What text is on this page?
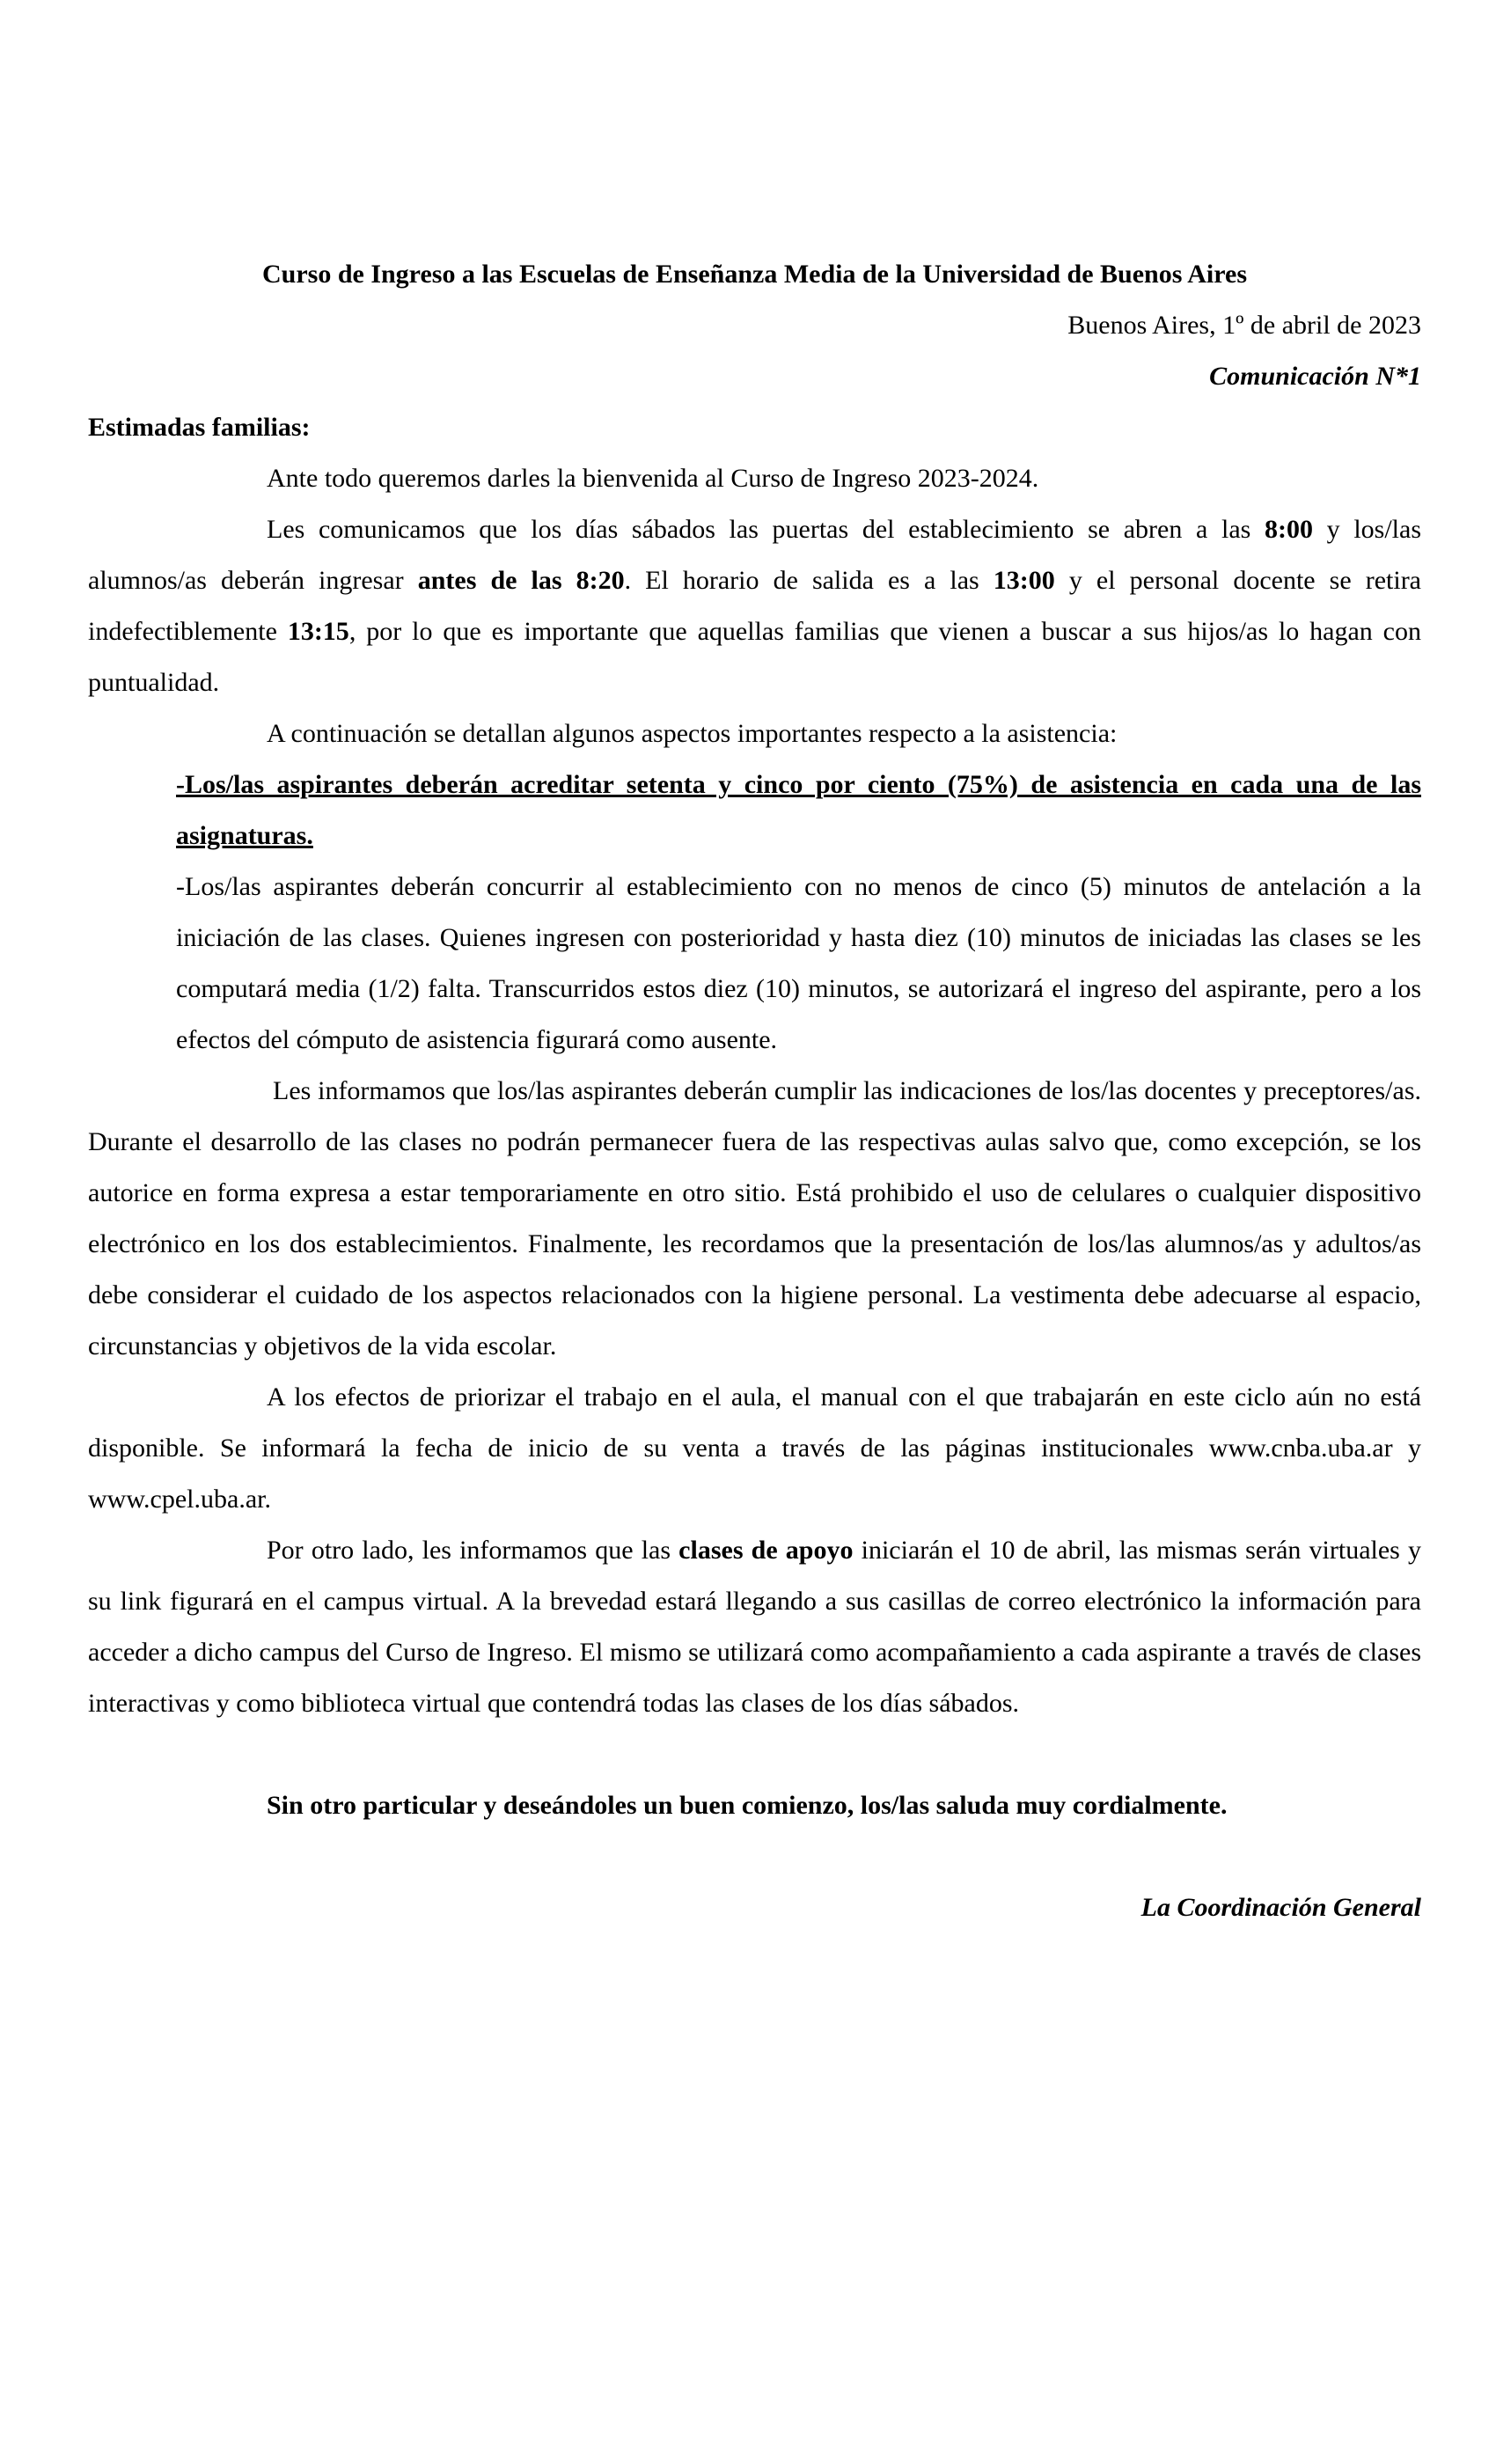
Curso de Ingreso a las Escuelas de Enseñanza Media de la Universidad de Buenos Aires
Buenos Aires, 1º de abril de 2023
Comunicación N*1
Estimadas familias:
Ante todo queremos darles la bienvenida al Curso de Ingreso 2023-2024.
Les comunicamos que los días sábados las puertas del establecimiento se abren a las 8:00 y los/las alumnos/as deberán ingresar antes de las 8:20. El horario de salida es a las 13:00 y el personal docente se retira indefectiblemente 13:15, por lo que es importante que aquellas familias que vienen a buscar a sus hijos/as lo hagan con puntualidad.
A continuación se detallan algunos aspectos importantes respecto a la asistencia:
-Los/las aspirantes deberán acreditar setenta y cinco por ciento (75%) de asistencia en cada una de las asignaturas.
-Los/las aspirantes deberán concurrir al establecimiento con no menos de cinco (5) minutos de antelación a la iniciación de las clases. Quienes ingresen con posterioridad y hasta diez (10) minutos de iniciadas las clases se les computará media (1/2) falta. Transcurridos estos diez (10) minutos, se autorizará el ingreso del aspirante, pero a los efectos del cómputo de asistencia figurará como ausente.
Les informamos que los/las aspirantes deberán cumplir las indicaciones de los/las docentes y preceptores/as. Durante el desarrollo de las clases no podrán permanecer fuera de las respectivas aulas salvo que, como excepción, se los autorice en forma expresa a estar temporariamente en otro sitio. Está prohibido el uso de celulares o cualquier dispositivo electrónico en los dos establecimientos. Finalmente, les recordamos que la presentación de los/las alumnos/as y adultos/as debe considerar el cuidado de los aspectos relacionados con la higiene personal. La vestimenta debe adecuarse al espacio, circunstancias y objetivos de la vida escolar.
A los efectos de priorizar el trabajo en el aula, el manual con el que trabajarán en este ciclo aún no está disponible. Se informará la fecha de inicio de su venta a través de las páginas institucionales www.cnba.uba.ar y www.cpel.uba.ar.
Por otro lado, les informamos que las clases de apoyo iniciarán el 10 de abril, las mismas serán virtuales y su link figurará en el campus virtual. A la brevedad estará llegando a sus casillas de correo electrónico la información para acceder a dicho campus del Curso de Ingreso. El mismo se utilizará como acompañamiento a cada aspirante a través de clases interactivas y como biblioteca virtual que contendrá todas las clases de los días sábados.
Sin otro particular y deseándoles un buen comienzo, los/las saluda muy cordialmente.
La Coordinación General
